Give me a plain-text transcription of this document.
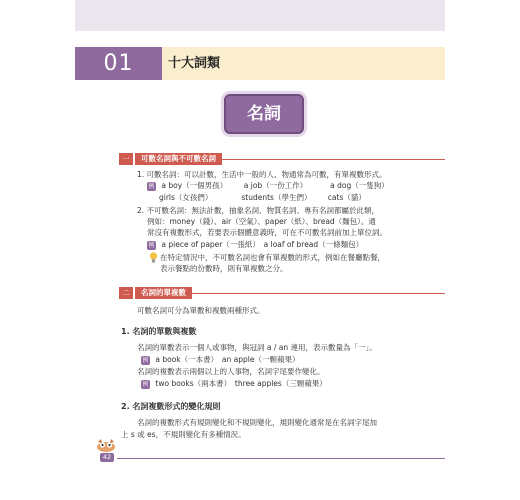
01	十大詞類
名詞
一	可數名詞與不可數名詞
1. 可數名詞：可以計數，生活中一般的人、物通常為可數，有單複數形式。
例 a boy（一個男孩） a job（一份工作）	a dog（一隻狗）
girls（女孩們）	students（學生們） cats（貓）
2. 不可數名詞：無法計數，抽象名詞、物質名詞、專有名詞都屬於此類，
例如：money（錢）、air（空氣）、paper（紙）、bread（麵包）。通
常沒有複數形式，若要表示個體意義時，可在不可數名詞前加上單位詞。
例 a piece of paper（一張紙）　a loaf of bread（一條麵包）
在特定情況中，不可數名詞也會有單複數的形式，例如在餐廳點餐，
表示餐點的份數時，則有單複數之分。
二	名詞的單複數
可數名詞可分為單數和複數兩種形式。
1. 名詞的單數與複數
名詞的單數表示一個人或事物，與冠詞 a / an 連用，表示數量為「一」。
例 a book（一本書）　an apple（一顆蘋果）
名詞的複數表示兩個以上的人事物，名詞字尾要作變化。
例 two books（兩本書）　three apples（三顆蘋果）
2. 名詞複數形式的變化規則
名詞的複數形式有規則變化和不規則變化，規則變化通常是在名詞字尾加
上 s 或 es，不規則變化有多種情況。
42
